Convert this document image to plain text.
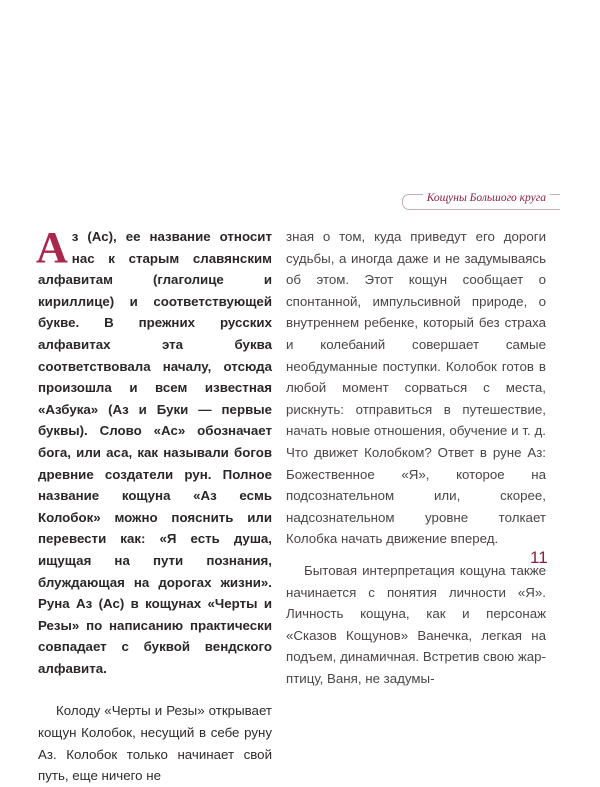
Кощуны Большого круга

Аз (Ас), ее название относит нас к старым славянским алфавитам (глаголице и кириллице) и соответствующей букве. В прежних русских алфавитах эта буква соответствовала началу, отсюда произошла и всем известная «Азбука» (Аз и Буки — первые буквы). Слово «Ас» обозначает бога, или аса, как называли богов древние создатели рун. Полное название кощуна «Аз есмь Колобок» можно пояснить или перевести как: «Я есть душа, ищущая на пути познания, блуждающая на дорогах жизни». Руна Аз (Ас) в кощунах «Черты и Резы» по написанию практически совпадает с буквой вендского алфавита.

Колоду «Черты и Резы» открывает кощун Колобок, несущий в себе руну Аз. Колобок только начинает свой путь, еще ничего не

зная о том, куда приведут его дороги судьбы, а иногда даже и не задумываясь об этом. Этот кощун сообщает о спонтанной, импульсивной природе, о внутреннем ребенке, который без страха и колебаний совершает самые необдуманные поступки. Колобок готов в любой момент сорваться с места, рискнуть: отправиться в путешествие, начать новые отношения, обучение и т. д. Что движет Колобком? Ответ в руне Аз: Божественное «Я», которое на подсознательном или, скорее, надсознательном уровне толкает Колобка начать движение вперед.

Бытовая интерпретация кощуна также начинается с понятия личности «Я». Личность кощуна, как и персонаж «Сказов Кощунов» Ванечка, легкая на подъем, динамичная. Встретив свою жар-птицу, Ваня, не задумы-

11
